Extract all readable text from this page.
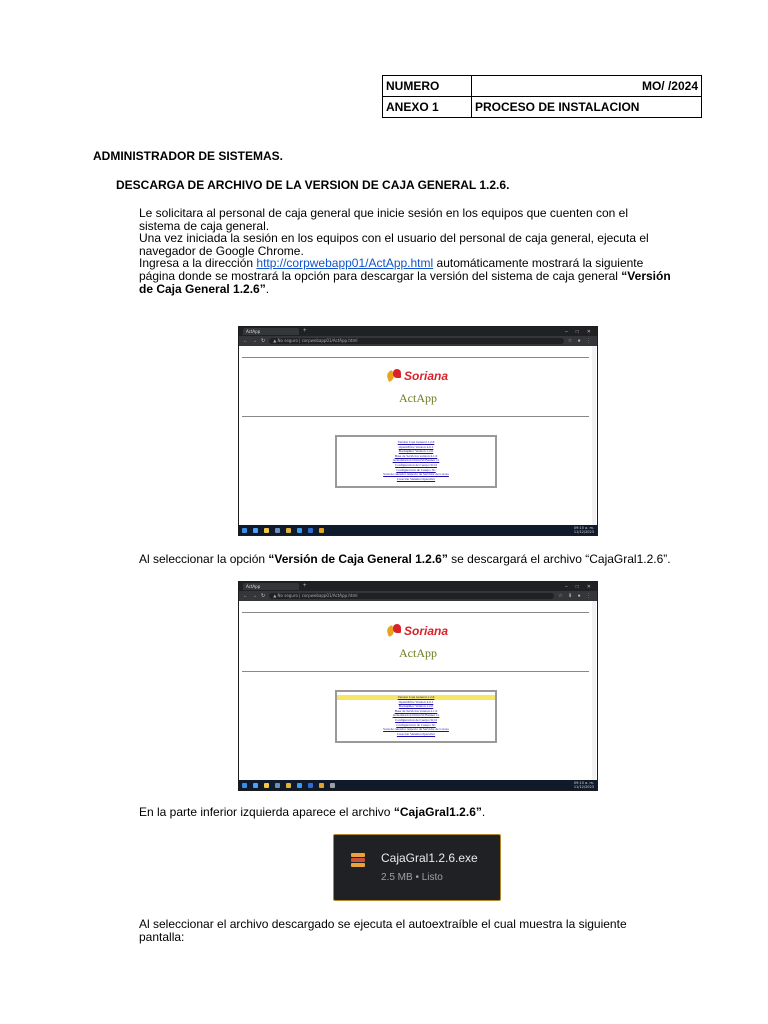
NUMERO	MO/ /2024
ANEXO 1	PROCESO DE INSTALACION
ADMINISTRADOR DE SISTEMAS.
DESCARGA DE ARCHIVO DE LA VERSION DE CAJA GENERAL 1.2.6.
Le solicitara al personal de caja general que inicie sesión en los equipos que cuenten con el
sistema de caja general.
Una vez iniciada la sesión en los equipos con el usuario del personal de caja general, ejecuta el
navegador de Google Chrome.
Ingresa a la dirección http://corpwebapp01/ActApp.html automáticamente mostrará la siguiente
página donde se mostrará la opción para descargar la versión del sistema de caja general “Versión
de Caja General 1.2.6”.
ActApp	+	– □ ✕
← → ↻	▲ No seguro | corpwebapp01/ActApp.html	☆ ● ⋮
Soriana
ActApp
Version Caja General 1.2.6
OpenOffice Version 4.0.1
BackupRec Version 1.2.0
Base de Servicios version 2.1.0
Actualizacion DriverSCBanner v1
Configuracion de Cuerpo SCO
Configuracion de Cuerpo SC
Scan de ruteador respecto de Servidor de Correo
Creacion Sistema Operativo
09:15 a. m.
11/12/2023
Al seleccionar la opción “Versión de Caja General 1.2.6” se descargará el archivo “CajaGral1.2.6”.
ActApp	+	– □ ✕
← → ↻	▲ No seguro | corpwebapp01/ActApp.html	☆ ⬇ ● ⋮
Soriana
ActApp
Version Caja General 1.2.6
OpenOffice Version 4.0.1
BackupRec Version 1.2.0
Base de Servicios version 2.1.0
Actualizacion DriverSCBanner v1
Configuracion de Cuerpo SCO
Configuracion de Cuerpo SC
Scan de ruteador respecto de Servidor de Correo
Creacion Sistema Operativo
09:15 a. m.
11/12/2023
En la parte inferior izquierda aparece el archivo “CajaGral1.2.6”.
CajaGral1.2.6.exe
2.5 MB • Listo
Al seleccionar el archivo descargado se ejecuta el autoextraíble el cual muestra la siguiente
pantalla:
